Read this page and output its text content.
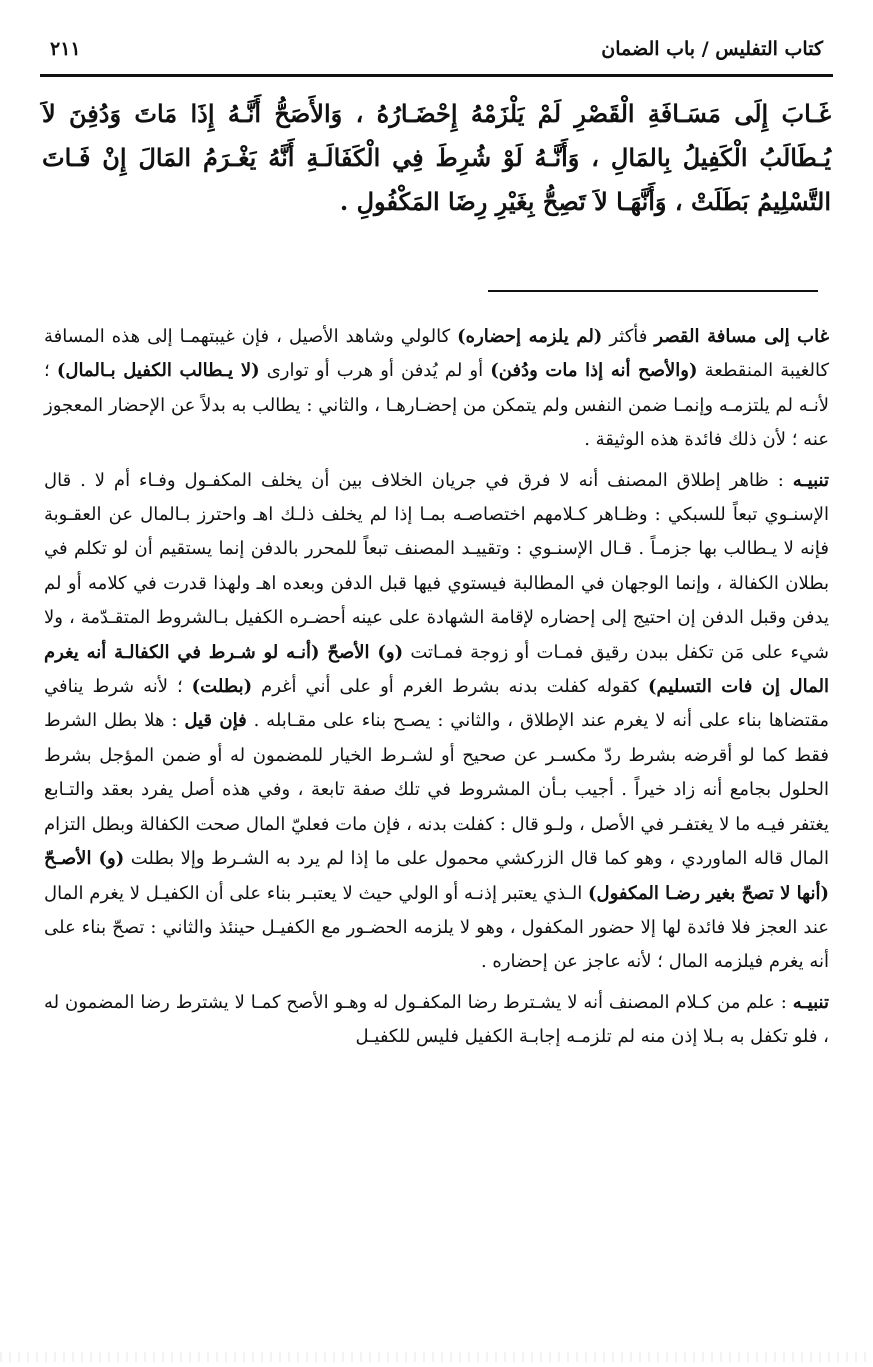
كتاب التفليس / باب الضمان
٢١١

غَـابَ إِلَى مَسَـافَةِ الْقَصْرِ لَمْ يَلْزَمْهُ إِحْضَـارُهُ ، وَالأَصَحُّ أَنَّـهُ إِذَا مَاتَ وَدُفِنَ لاَ يُـطَالَبُ الْكَفِيلُ بِالمَالِ ، وَأَنَّـهُ لَوْ شُرِطَ فِي الْكَفَالَـةِ أَنَّهُ يَغْـرَمُ المَالَ إِنْ فَـاتَ التَّسْلِيمُ بَطَلَتْ ، وَأَنَّهَـا لاَ تَصِحُّ بِغَيْرِ رِضَا المَكْفُولِ .

غاب إلى مسافة القصر فأكثر (لم يلزمه إحضاره) كالولي وشاهد الأصيل ، فإن غيبتهمـا إلى هذه المسافة كالغيبة المنقطعة (والأصح أنه إذا مات ودُفن) أو لم يُدفن أو هرب أو توارى (لا يـطالب الكفيل بـالمال) ؛ لأنـه لم يلتزمـه وإنمـا ضمن النفس ولم يتمكن من إحضـارهـا ، والثاني : يطالب به بدلاً عن الإحضار المعجوز عنه ؛ لأن ذلك فائدة هذه الوثيقة .

تنبيـه : ظاهر إطلاق المصنف أنه لا فرق في جريان الخلاف بين أن يخلف المكفـول وفـاء أم لا . قال الإسنـوي تبعاً للسبكي : وظـاهر كـلامهم اختصاصـه بمـا إذا لم يخلف ذلـك اهـ واحترز بـالمال عن العقـوبة فإنه لا يـطالب بها جزمـاً . قـال الإسنـوي : وتقييـد المصنف تبعاً للمحرر بالدفن إنما يستقيم أن لو تكلم في بطلان الكفالة ، وإنما الوجهان في المطالبة فيستوي فيها قبل الدفن وبعده اهـ ولهذا قدرت في كلامه أو لم يدفن وقبل الدفن إن احتيج إلى إحضاره لإقامة الشهادة على عينه أحضـره الكفيل بـالشروط المتقـدّمة ، ولا شيء على مَن تكفل ببدن رقيق فمـات أو زوجة فمـاتت (و) الأصحّ (أنـه لو شـرط في الكفالـة أنه يغرم المال إن فات التسليم) كقوله كفلت بدنه بشرط الغرم أو على أني أغرم (بطلت) ؛ لأنه شرط ينافي مقتضاها بناء على أنه لا يغرم عند الإطلاق ، والثاني : يصـح بناء على مقـابله . فإن قيل : هلا بطل الشرط فقط كما لو أقرضه بشرط ردّ مكسـر عن صحيح أو لشـرط الخيار للمضمون له أو ضمن المؤجل بشرط الحلول بجامع أنه زاد خيراً . أجيب بـأن المشروط في تلك صفة تابعة ، وفي هذه أصل يفرد بعقد والتـابع يغتفر فيـه ما لا يغتفـر في الأصل ، ولـو قال : كفلت بدنه ، فإن مات فعليّ المال صحت الكفالة وبطل التزام المال قاله الماوردي ، وهو كما قال الزركشي محمول على ما إذا لم يرد به الشـرط وإلا بطلت (و) الأصـحّ (أنها لا تصحّ بغير رضـا المكفول) الـذي يعتبر إذنـه أو الولي حيث لا يعتبـر بناء على أن الكفيـل لا يغرم المال عند العجز فلا فائدة لها إلا حضور المكفول ، وهو لا يلزمه الحضـور مع الكفيـل حينئذ والثاني : تصحّ بناء على أنه يغرم فيلزمه المال ؛ لأنه عاجز عن إحضاره .

تنبيـه : علم من كـلام المصنف أنه لا يشـترط رضا المكفـول له وهـو الأصح كمـا لا يشترط رضا المضمون له ، فلو تكفل به بـلا إذن منه لم تلزمـه إجابـة الكفيل فليس للكفيـل
